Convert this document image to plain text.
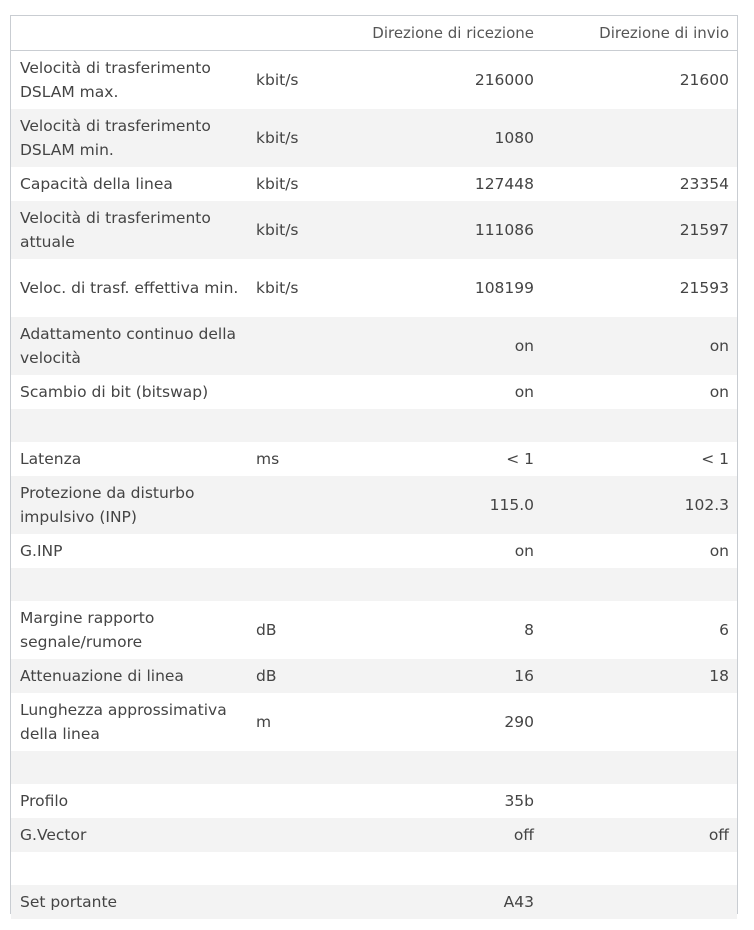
		Direzione di ricezione	Direzione di invio
Velocità di trasferimento DSLAM max.	kbit/s	216000	21600
Velocità di trasferimento DSLAM min.	kbit/s	1080	
Capacità della linea	kbit/s	127448	23354
Velocità di trasferimento attuale	kbit/s	111086	21597
Veloc. di trasf. effettiva min.	kbit/s	108199	21593
Adattamento continuo della velocità		on	on
Scambio di bit (bitswap)		on	on

Latenza	ms	< 1	< 1
Protezione da disturbo impulsivo (INP)		115.0	102.3
G.INP		on	on

Margine rapporto segnale/rumore	dB	8	6
Attenuazione di linea	dB	16	18
Lunghezza approssimativa della linea	m	290	

Profilo		35b	
G.Vector		off	off

Set portante		A43	
